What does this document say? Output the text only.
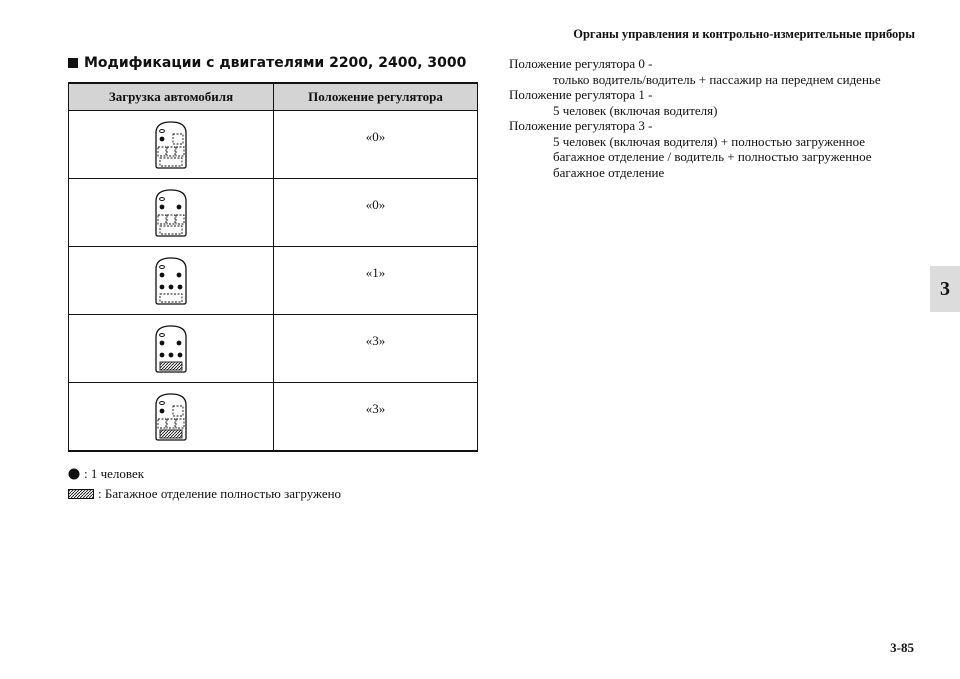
Органы управления и контрольно-измерительные приборы
Модификации с двигателями 2200, 2400, 3000
Загрузка автомобиля	Положение регулятора

	«0»

	«0»

	«1»

	«3»

	«3»
: 1 человек
: Багажное отделение полностью загружено

Положение регулятора 0 -

только водитель/водитель + пассажир на переднем сиденье

Положение регулятора 1 -

5 человек (включая водителя)

Положение регулятора 3 -

5 человек (включая водителя) + полностью загруженное багажное отделение / водитель + полностью загруженное багажное отделение

3
3-85
